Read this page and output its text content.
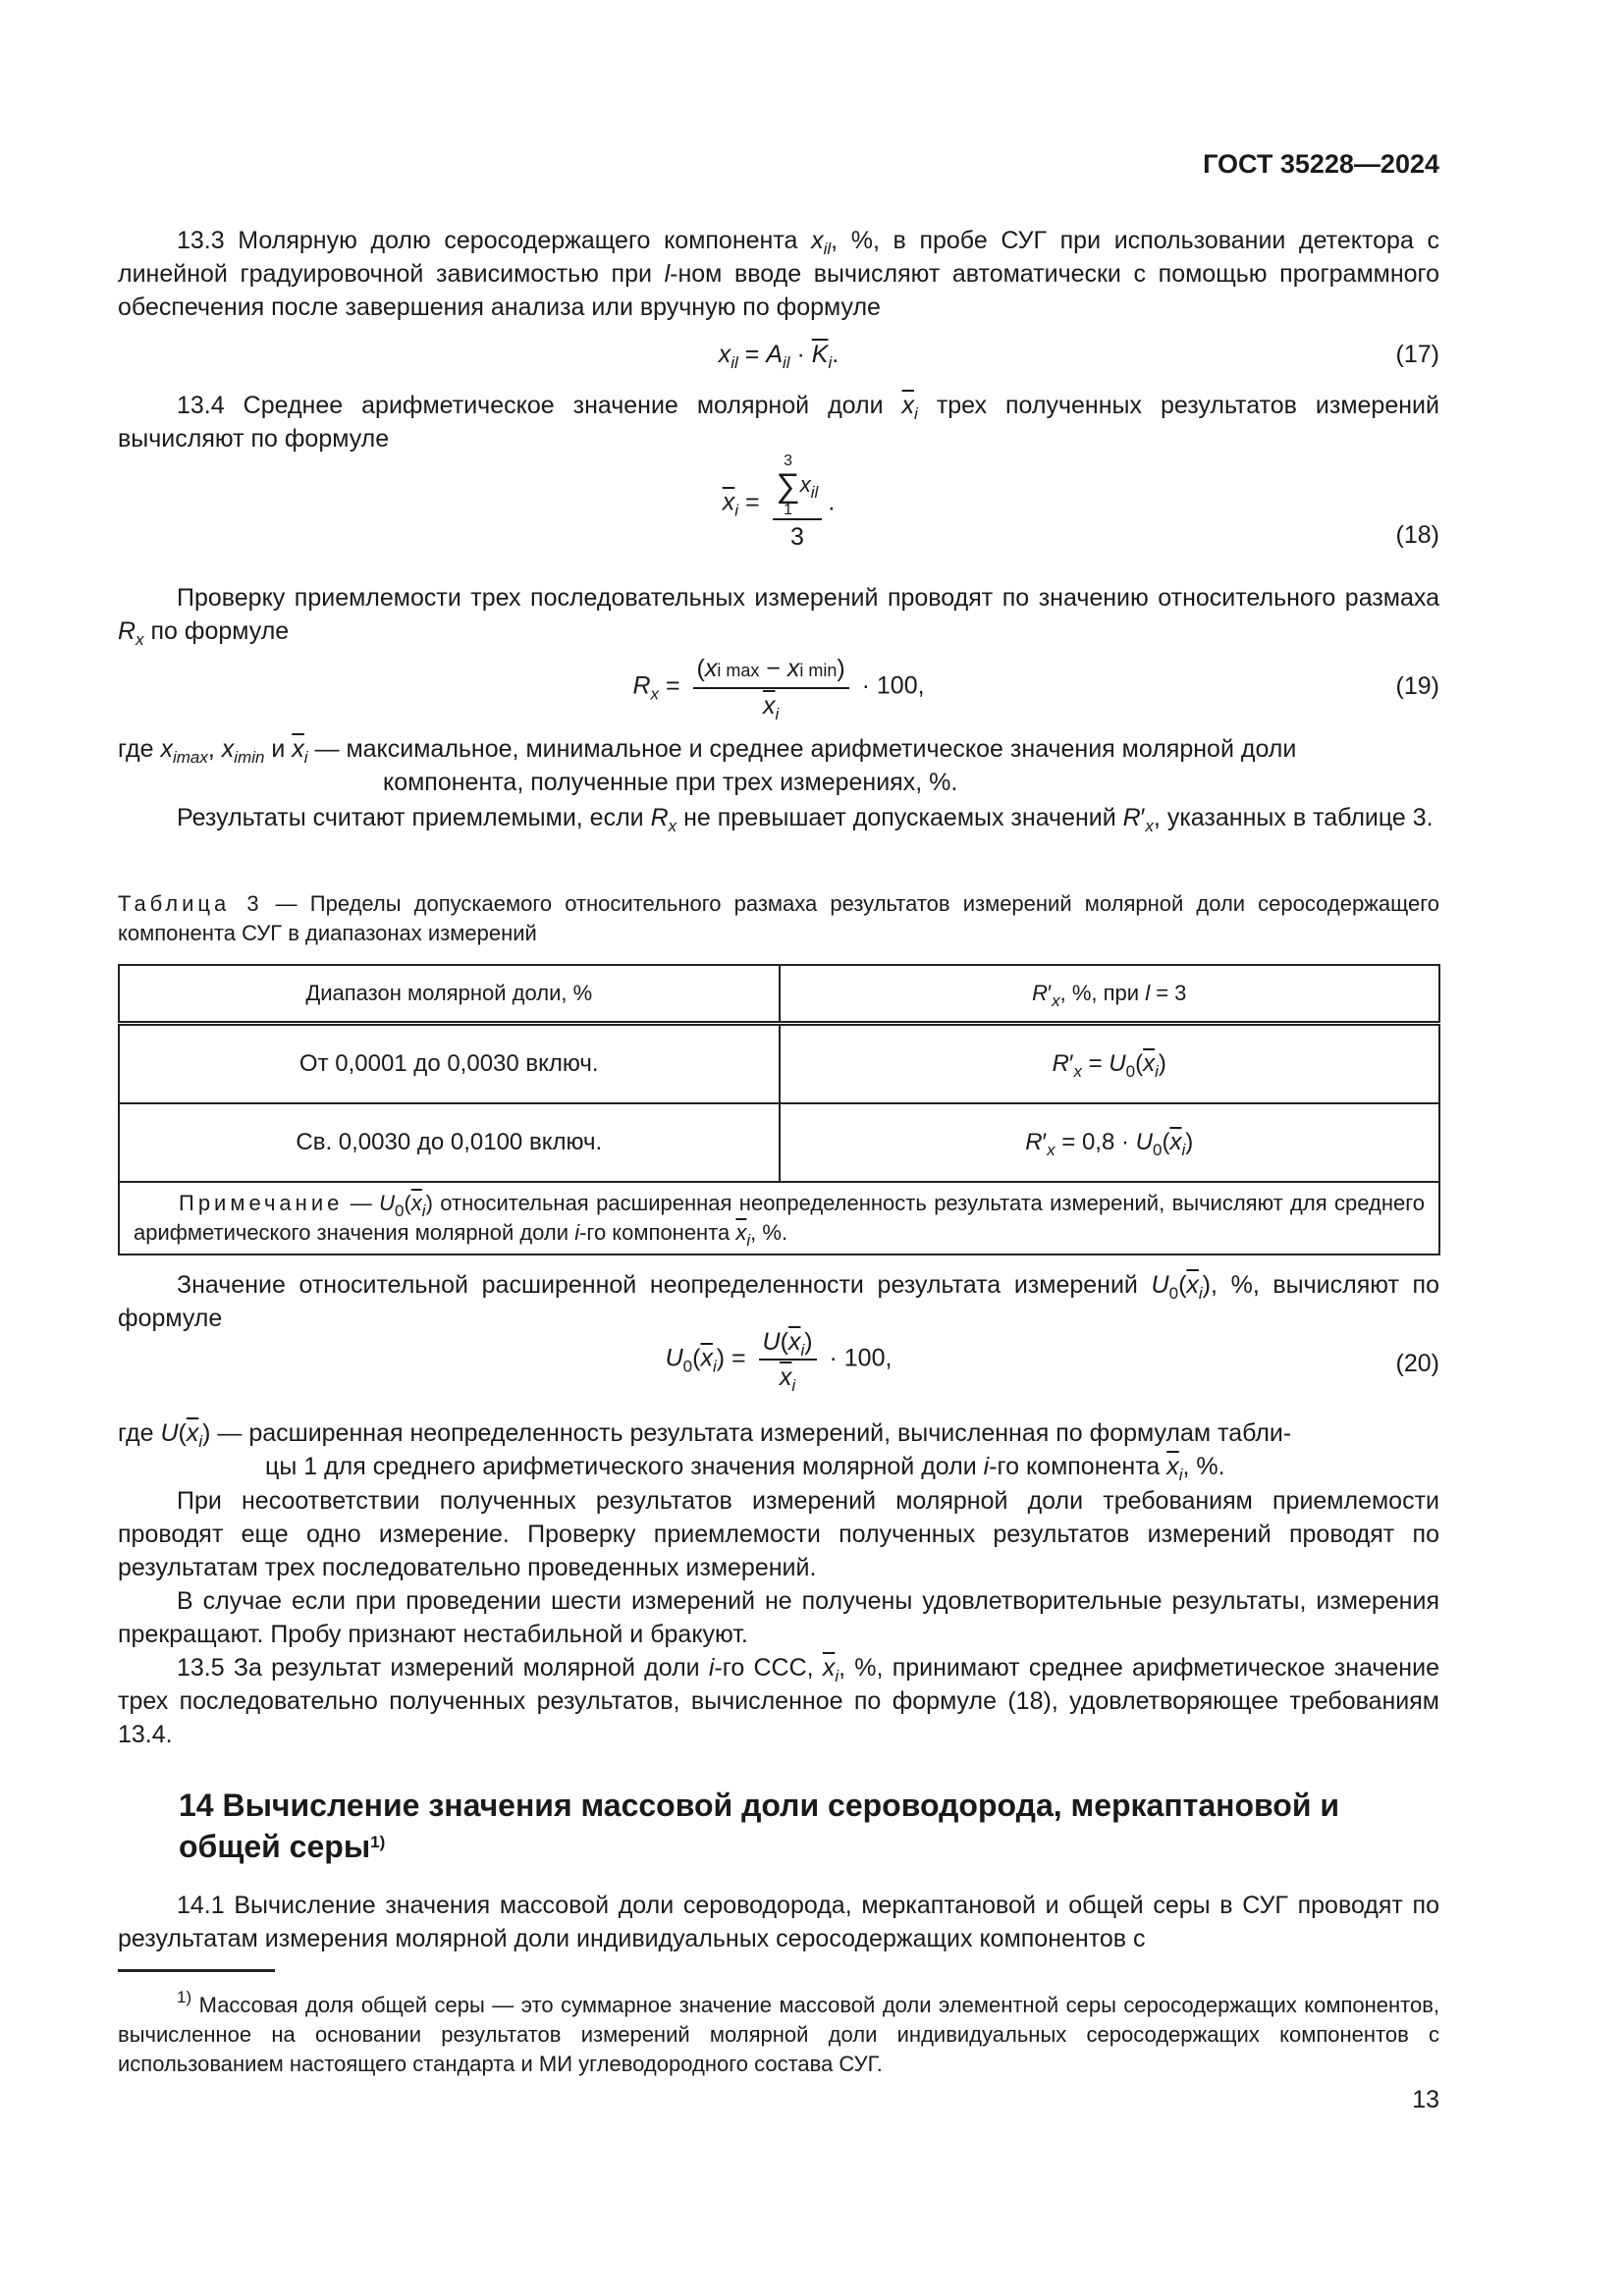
ГОСТ 35228—2024
13.3 Молярную долю серосодержащего компонента $x_{il}$, %, в пробе СУГ при использовании детектора с линейной градуировочной зависимостью при l-ном вводе вычисляют автоматически с помощью программного обеспечения после завершения анализа или вручную по формуле
$x_{il} = A_{il} \cdot \overline{K}_i$.	(17)
13.4 Среднее арифметическое значение молярной доли $\overline{x}_i$ трех полученных результатов измерений вычисляют по формуле
$\overline{x}_i = 3$
∑
1
$x_{il}$
3 .
(18)
Проверку приемлемости трех последовательных измерений проводят по значению относительного размаха $R_x$ по формуле
$R_x = \frac{\text{(xi max − xi min)}}{\overline{x}_i} \cdot 100$,	(19)
где $x_{imax}$, $x_{imin}$ и $\overline{x}_i$ — максимальное, минимальное и среднее арифметическое значения молярной доли
компонента, полученные при трех измерениях, %.
Результаты считают приемлемыми, если $R_x$ не превышает допускаемых значений $R'_x$, указанных в таблице 3.
Таблица 3 — Пределы допускаемого относительного размаха результатов измерений молярной доли серосодержащего компонента СУГ в диапазонах измерений
Диапазон молярной доли, %	$R'_x$, %, при l = 3
От 0,0001 до 0,0030 включ.	$R'_x = U_0(\overline{x}_i)$
Св. 0,0030 до 0,0100 включ.	$R'_x = 0,8 \cdot U_0(\overline{x}_i)$
Примечание — $U_0(\overline{x}_i)$ относительная расширенная неопределенность результата измерений, вычисляют для среднего арифметического значения молярной доли i-го компонента $\overline{x}_i$, %.	
Значение относительной расширенной неопределенности результата измерений $U_0(\overline{x}_i)$, %, вычисляют по формуле
$U_0(\overline{x}_i) = \frac{U(\overline{x}_i)}{\overline{x}_i} \cdot 100$,	(20)
где $U(\overline{x}_i)$ — расширенная неопределенность результата измерений, вычисленная по формулам табли-
цы 1 для среднего арифметического значения молярной доли i-го компонента $\overline{x}_i$, %.
При несоответствии полученных результатов измерений молярной доли требованиям приемлемости проводят еще одно измерение. Проверку приемлемости полученных результатов измерений проводят по результатам трех последовательно проведенных измерений.
В случае если при проведении шести измерений не получены удовлетворительные результаты, измерения прекращают. Пробу признают нестабильной и бракуют.
13.5 За результат измерений молярной доли i-го ССС, $\overline{x}_i$, %, принимают среднее арифметическое значение трех последовательно полученных результатов, вычисленное по формуле (18), удовлетворяющее требованиям 13.4.
14 Вычисление значения массовой доли сероводорода, меркаптановой и общей серы$^{1)}$
14.1 Вычисление значения массовой доли сероводорода, меркаптановой и общей серы в СУГ проводят по результатам измерения молярной доли индивидуальных серосодержащих компонентов с
$^{1)}$ Массовая доля общей серы — это суммарное значение массовой доли элементной серы серосодержащих компонентов, вычисленное на основании результатов измерений молярной доли индивидуальных серосодержащих компонентов с использованием настоящего стандарта и МИ углеводородного состава СУГ.
13
